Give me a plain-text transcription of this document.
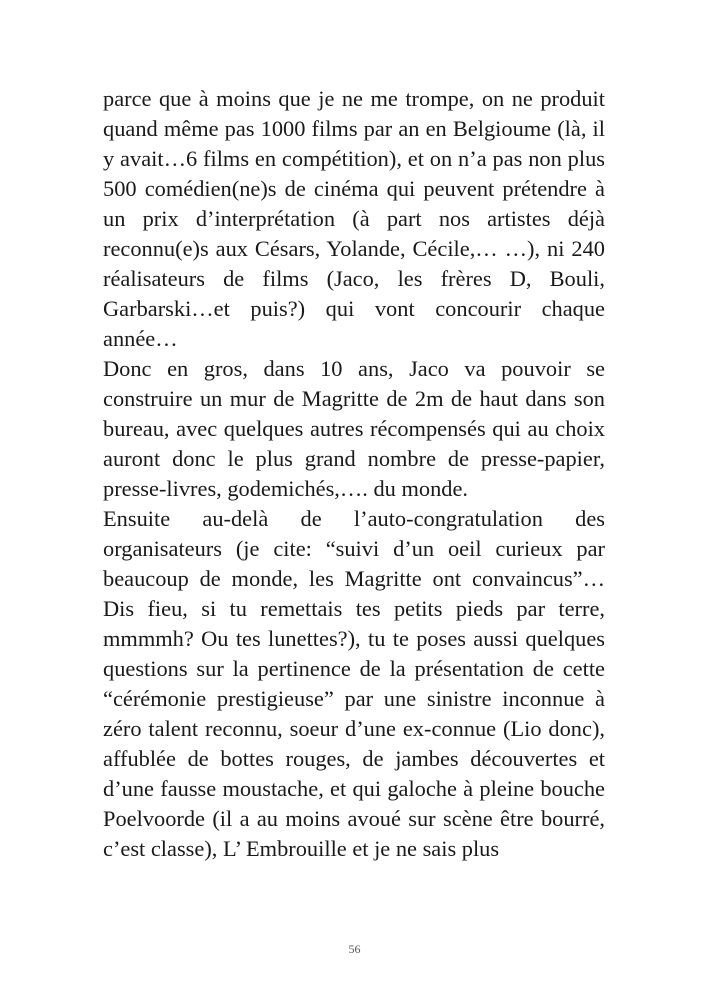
parce que à moins que je ne me trompe, on ne produit quand même pas 1000 films par an en Belgioume (là, il y avait…6 films en compétition), et on n’a pas non plus 500 comédien(ne)s de cinéma qui peuvent prétendre à un prix d’interprétation (à part nos artistes déjà reconnu(e)s aux Césars, Yolande, Cécile,… …), ni 240 réalisateurs de films (Jaco, les frères D, Bouli, Garbarski…et puis?) qui vont concourir chaque année…

Donc en gros, dans 10 ans, Jaco va pouvoir se construire un mur de Magritte de 2m de haut dans son bureau, avec quelques autres récompensés qui au choix auront donc le plus grand nombre de presse-papier, presse-livres, godemichés,…. du monde.

Ensuite au-delà de l’auto-congratulation des organisateurs (je cite: “suivi d’un oeil curieux par beaucoup de monde, les Magritte ont convaincus”… Dis fieu, si tu remettais tes petits pieds par terre, mmmmh? Ou tes lunettes?), tu te poses aussi quelques questions sur la pertinence de la présentation de cette “cérémonie prestigieuse” par une sinistre inconnue à zéro talent reconnu, soeur d’une ex-connue (Lio donc), affublée de bottes rouges, de jambes découvertes et d’une fausse moustache, et qui galoche à pleine bouche Poelvoorde (il a au moins avoué sur scène être bourré, c’est classe), L’ Embrouille et je ne sais plus

56
